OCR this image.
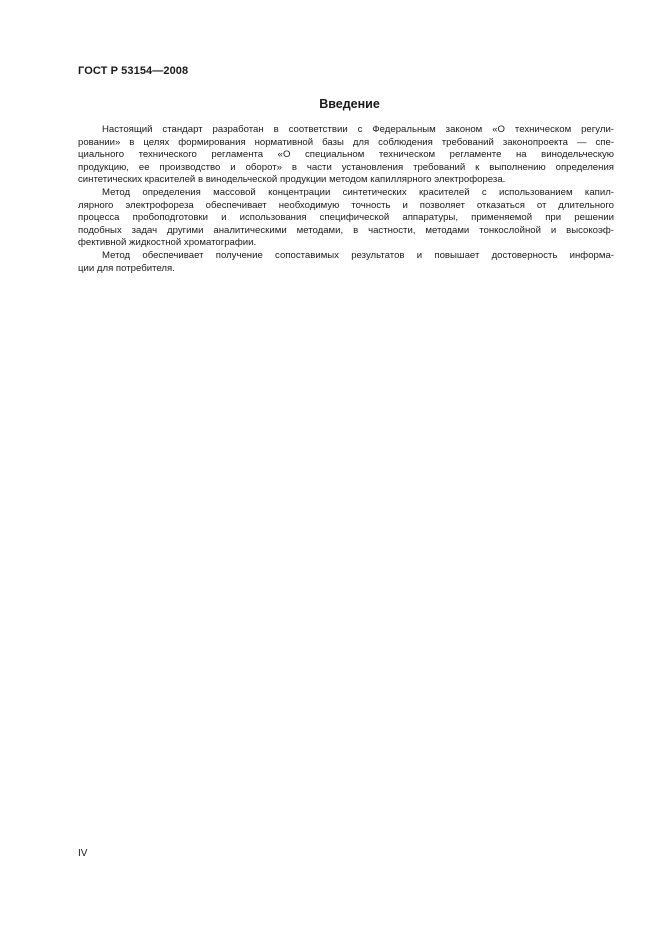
ГОСТ Р 53154—2008
Введение
Настоящий стандарт разработан в соответствии с Федеральным законом «О техническом регули-
ровании» в целях формирования нормативной базы для соблюдения требований законопроекта — спе-
циального технического регламента «О специальном техническом регламенте на винодельческую
продукцию, ее производство и оборот» в части установления требований к выполнению определения
синтетических красителей в винодельческой продукции методом капиллярного электрофореза.
Метод определения массовой концентрации синтетических красителей с использованием капил-
лярного электрофореза обеспечивает необходимую точность и позволяет отказаться от длительного
процесса пробоподготовки и использования специфической аппаратуры, применяемой при решении
подобных задач другими аналитическими методами, в частности, методами тонкослойной и высокоэф-
фективной жидкостной хроматографии.
Метод обеспечивает получение сопоставимых результатов и повышает достоверность информа-
ции для потребителя.
IV
